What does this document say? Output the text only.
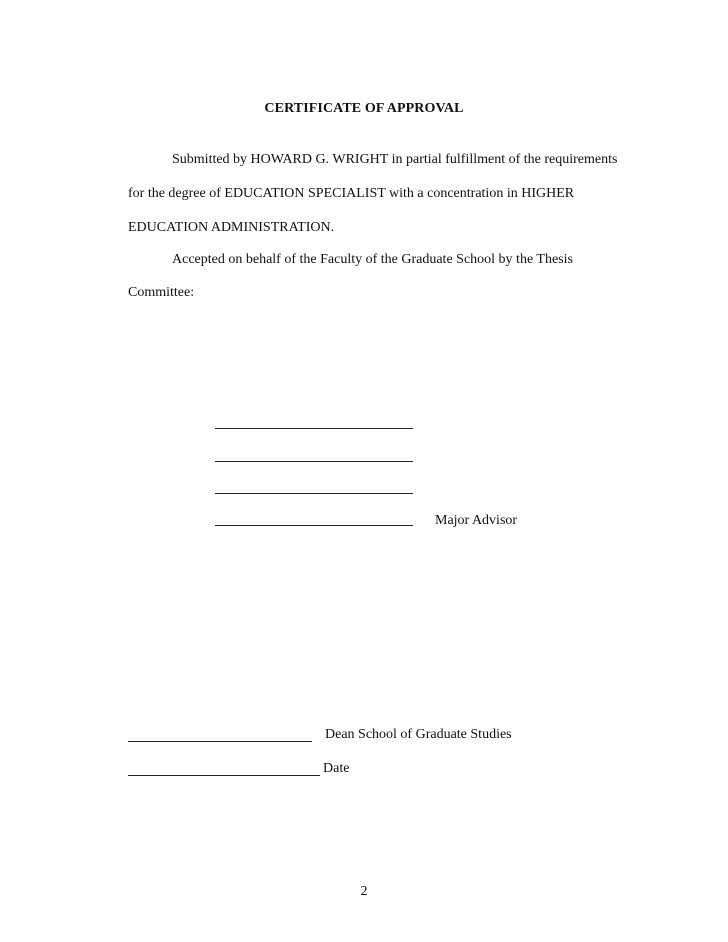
CERTIFICATE OF APPROVAL
Submitted by HOWARD G. WRIGHT in partial fulfillment of the requirements
for the degree of EDUCATION SPECIALIST with a concentration in HIGHER
EDUCATION ADMINISTRATION.
Accepted on behalf of the Faculty of the Graduate School by the Thesis
Committee:
Major Advisor
Dean School of Graduate Studies
Date
2
